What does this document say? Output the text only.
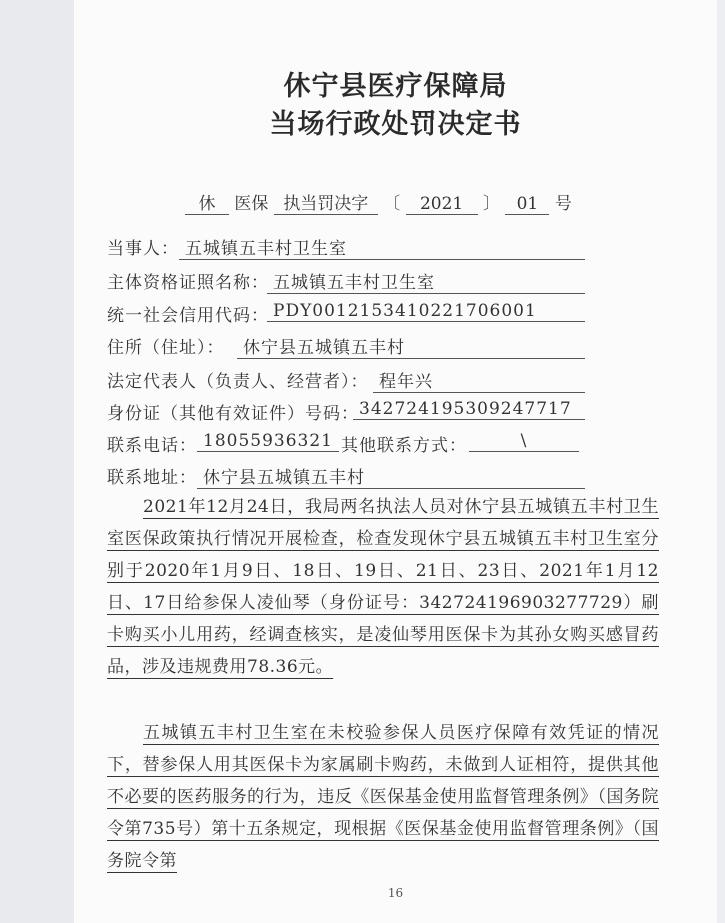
休宁县医疗保障局
当场行政处罚决定书
休 医保 执当罚决字 〔 2021 〕 01 号
当事人： 五城镇五丰村卫生室
主体资格证照名称： 五城镇五丰村卫生室
统一社会信用代码： PDY0012153410221706001
住所（住址）：	休宁县五城镇五丰村
法定代表人（负责人、经营者）： 程年兴
身份证（其他有效证件）号码： 342724195309247717
联系电话： 18055936321 其他联系方式：	\
联系地址： 休宁县五城镇五丰村

2021年12月24日，我局两名执法人员对休宁县五城镇五丰村卫生室医保政策执行情况开展检查，检查发现休宁县五城镇五丰村卫生室分别于2020年1月9日、18日、19日、21日、23日、2021年1月12日、17日给参保人凌仙琴（身份证号：342724196903277729）刷卡购买小儿用药，经调查核实，是凌仙琴用医保卡为其孙女购买感冒药品，涉及违规费用78.36元。

五城镇五丰村卫生室在未校验参保人员医疗保障有效凭证的情况下，替参保人用其医保卡为家属刷卡购药，未做到人证相符，提供其他不必要的医药服务的行为，违反《医保基金使用监督管理条例》（国务院令第735号）第十五条规定，现根据《医保基金使用监督管理条例》（国务院令第

16
